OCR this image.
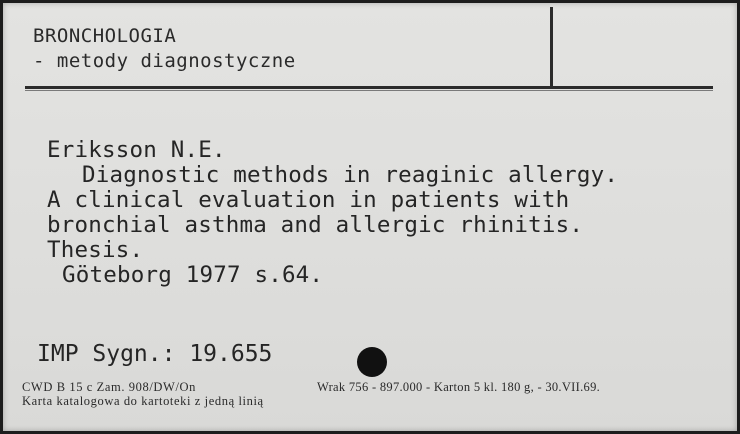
BRONCHOLOGIA
- metody diagnostyczne
Eriksson N.E.
Diagnostic methods in reaginic allergy.
A clinical evaluation in patients with
bronchial asthma and allergic rhinitis.
Thesis.
Göteborg 1977 s.64.
IMP Sygn.: 19.655
CWD B 15 c Zam. 908/DW/On	Wrak 756 - 897.000 - Karton 5 kl. 180 g, - 30.VII.69.
Karta katalogowa do kartoteki z jedną linią
